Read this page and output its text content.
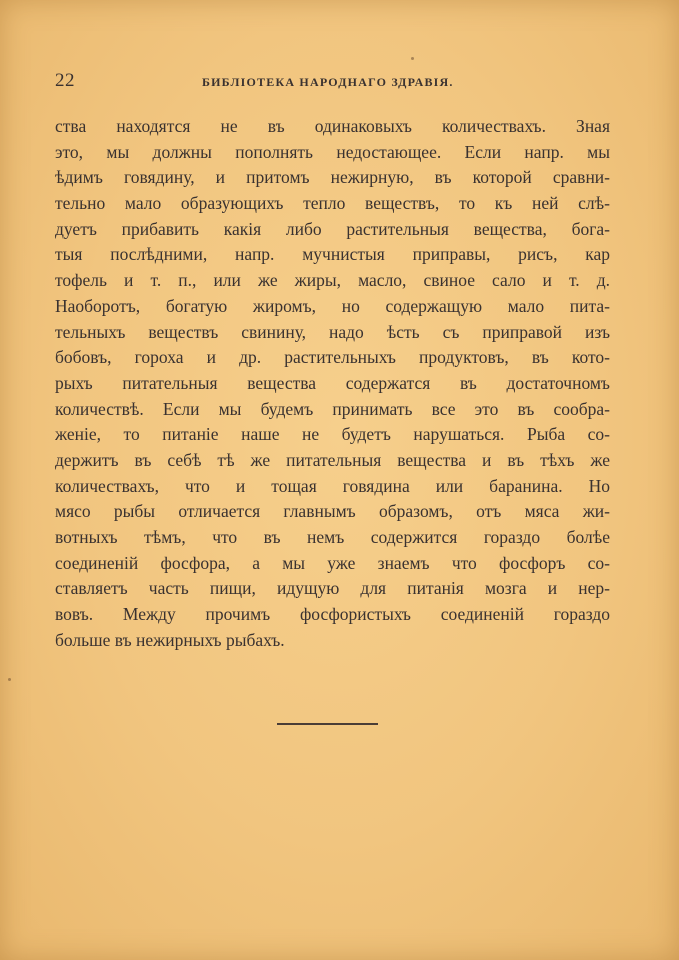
22	БИБЛІОТЕКА НАРОДНАГО ЗДРАВІЯ.
ства находятся не въ одинаковыхъ количествахъ. Зная
это, мы должны пополнять недостающее. Если напр. мы
ѣдимъ говядину, и притомъ нежирную, въ которой сравни-
тельно мало образующихъ тепло веществъ, то къ ней слѣ-
дуетъ прибавить какія либо растительныя вещества, бога-
тыя послѣдними, напр. мучнистыя приправы, рисъ, кар
тофель и т. п., или же жиры, масло, свиное сало и т. д.
Наоборотъ, богатую жиромъ, но содержащую мало пита-
тельныхъ веществъ свинину, надо ѣсть съ приправой изъ
бобовъ, гороха и др. растительныхъ продуктовъ, въ кото-
рыхъ питательныя вещества содержатся въ достаточномъ
количествѣ. Если мы будемъ принимать все это въ сообра-
женіе, то питаніе наше не будетъ нарушаться. Рыба со-
держитъ въ себѣ тѣ же питательныя вещества и въ тѣхъ же
количествахъ, что и тощая говядина или баранина. Но
мясо рыбы отличается главнымъ образомъ, отъ мяса жи-
вотныхъ тѣмъ, что въ немъ содержится гораздо болѣе
соединеній фосфора, а мы уже знаемъ что фосфоръ со-
ставляетъ часть пищи, идущую для питанія мозга и нер-
вовъ. Между прочимъ фосфористыхъ соединеній гораздо
больше въ нежирныхъ рыбахъ.
